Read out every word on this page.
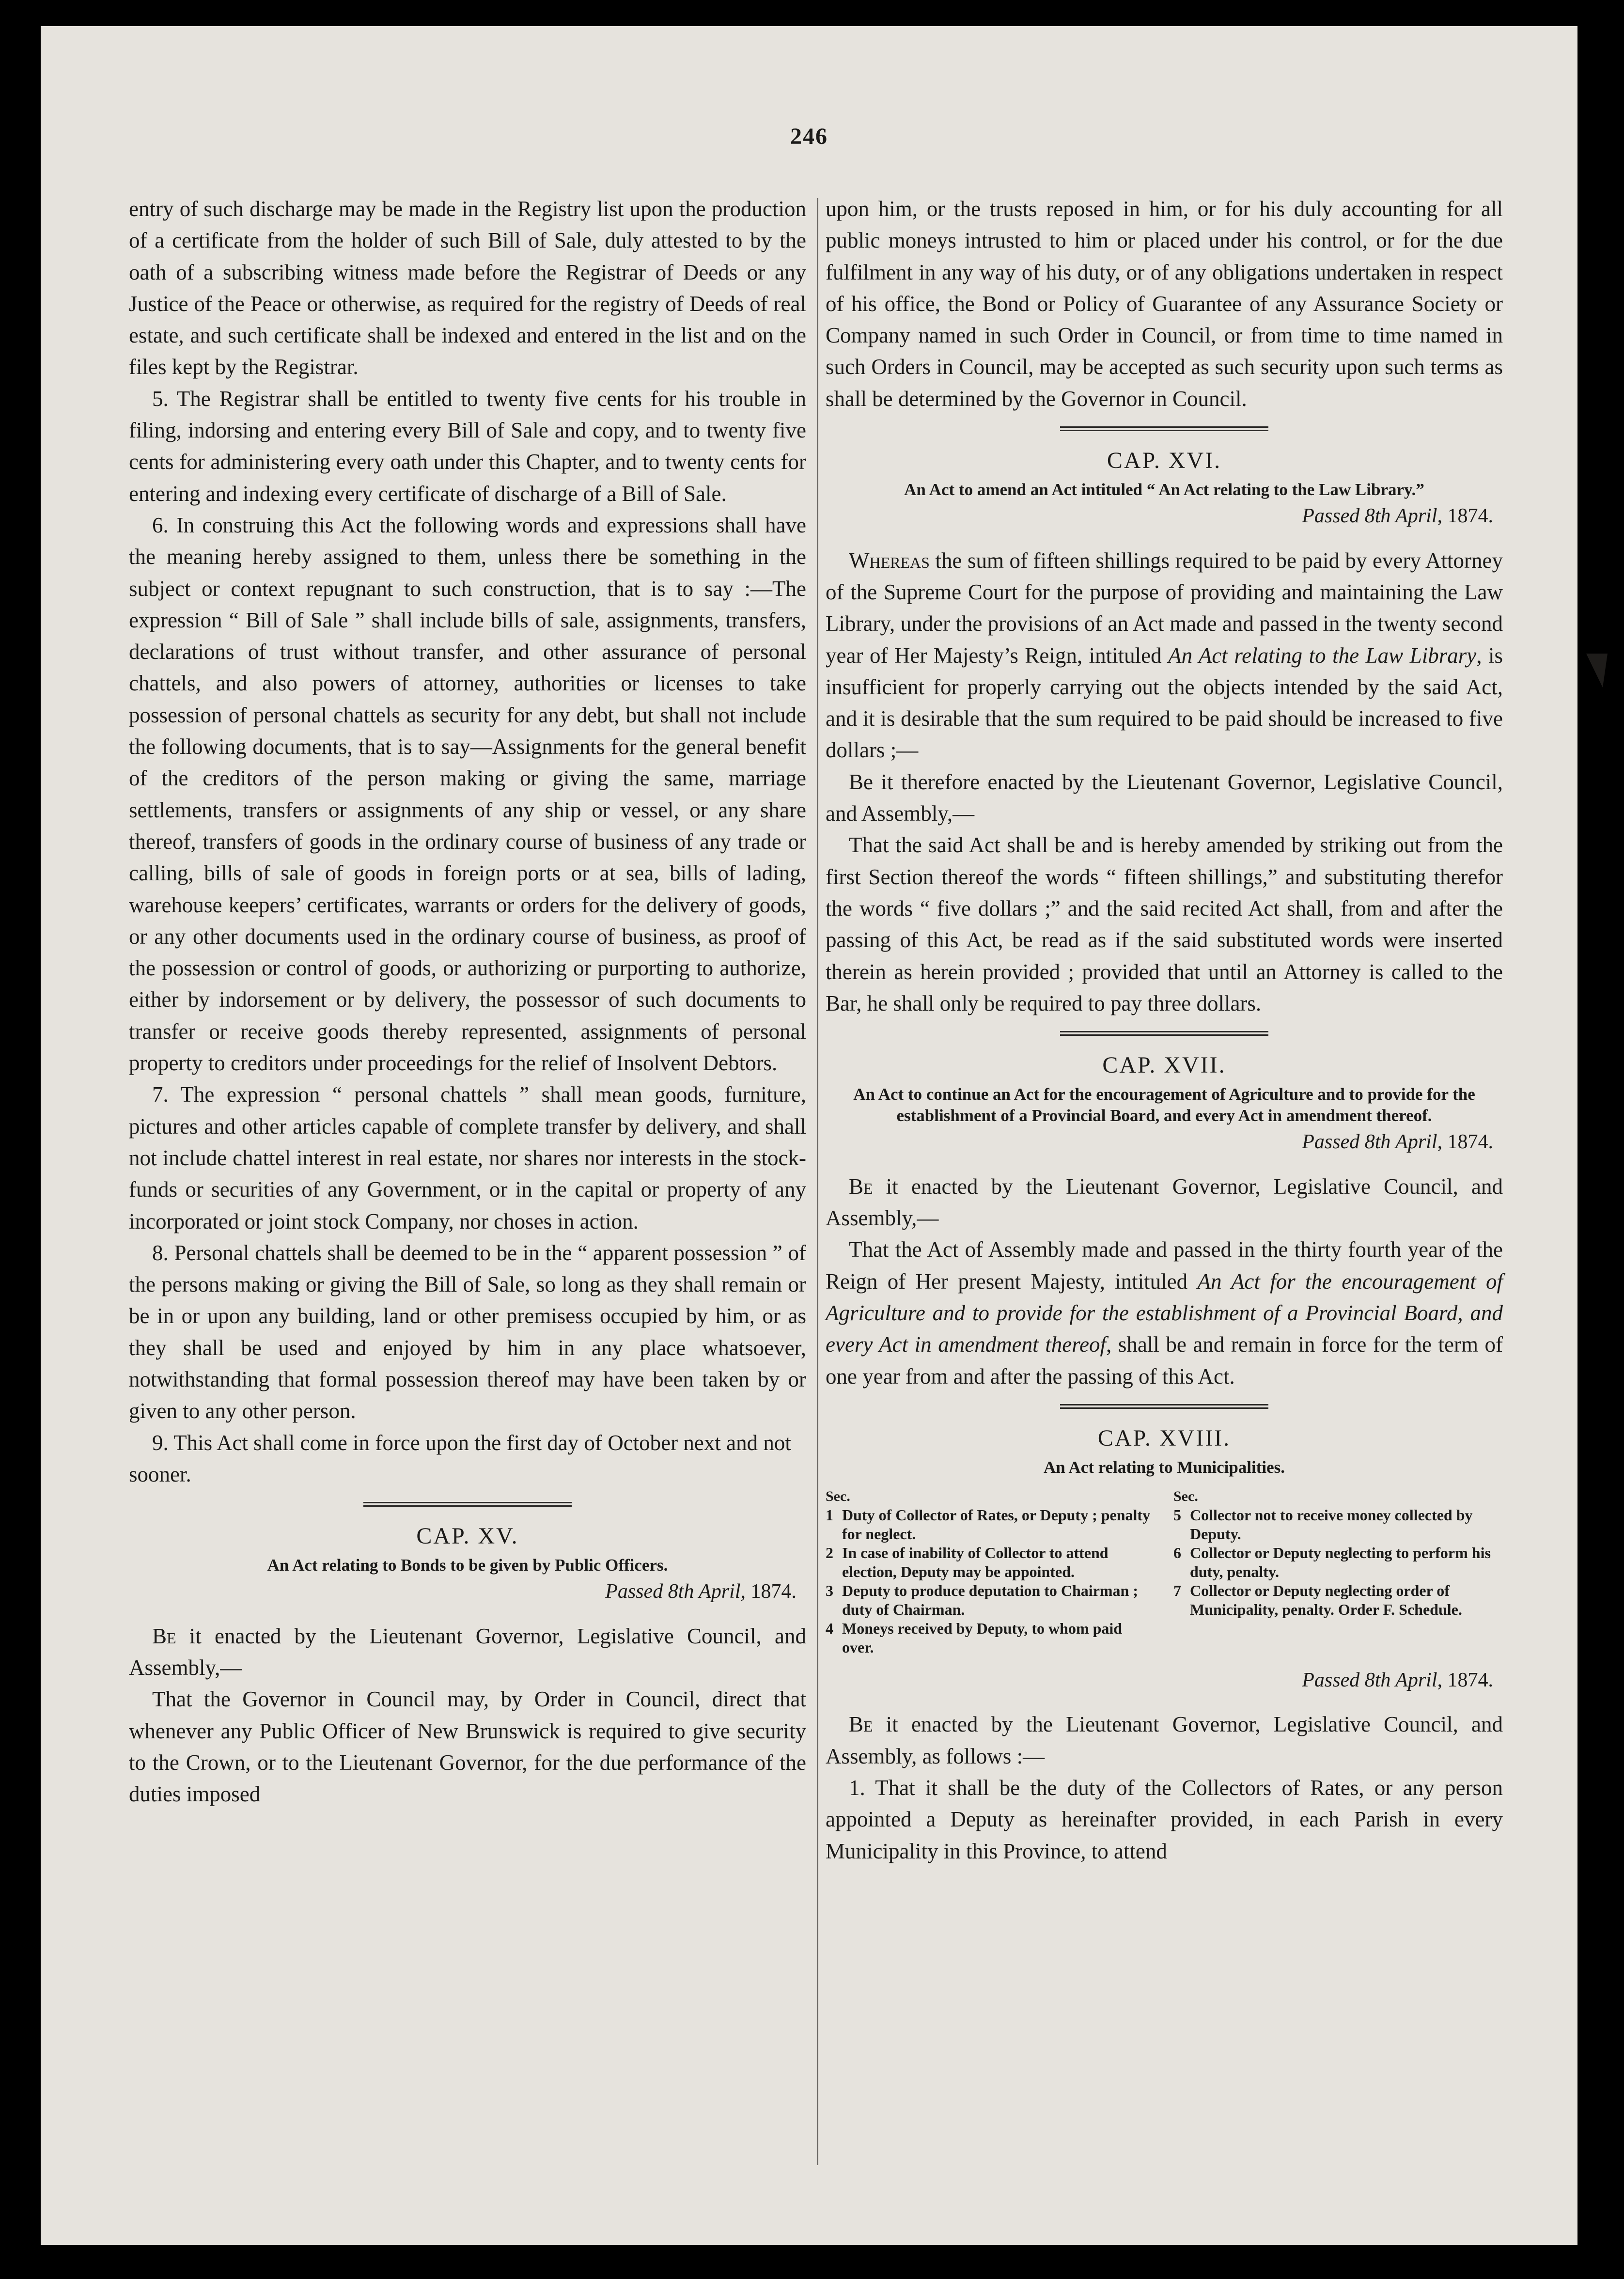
246

entry of such discharge may be made in the Registry list upon the production of a certificate from the holder of such Bill of Sale, duly attested to by the oath of a subscribing witness made before the Registrar of Deeds or any Justice of the Peace or otherwise, as required for the registry of Deeds of real estate, and such certificate shall be indexed and entered in the list and on the files kept by the Registrar.

5. The Registrar shall be entitled to twenty five cents for his trouble in filing, indorsing and entering every Bill of Sale and copy, and to twenty five cents for administering every oath under this Chapter, and to twenty cents for entering and indexing every certificate of discharge of a Bill of Sale.

6. In construing this Act the following words and expressions shall have the meaning hereby assigned to them, unless there be something in the subject or context repugnant to such construction, that is to say :—The expression “ Bill of Sale ” shall include bills of sale, assignments, transfers, declarations of trust without transfer, and other assurance of personal chattels, and also powers of attorney, authorities or licenses to take possession of personal chattels as security for any debt, but shall not include the following documents, that is to say—Assignments for the general benefit of the creditors of the person making or giving the same, marriage settlements, transfers or assignments of any ship or vessel, or any share thereof, transfers of goods in the ordinary course of business of any trade or calling, bills of sale of goods in foreign ports or at sea, bills of lading, warehouse keepers’ certificates, warrants or orders for the delivery of goods, or any other documents used in the ordinary course of business, as proof of the possession or control of goods, or authorizing or purporting to authorize, either by indorsement or by delivery, the possessor of such documents to transfer or receive goods thereby represented, assignments of personal property to creditors under proceedings for the relief of Insolvent Debtors.

7. The expression “ personal chattels ” shall mean goods, furniture, pictures and other articles capable of complete transfer by delivery, and shall not include chattel interest in real estate, nor shares nor interests in the stock-funds or securities of any Government, or in the capital or property of any incorporated or joint stock Company, nor choses in action.

8. Personal chattels shall be deemed to be in the “ apparent possession ” of the persons making or giving the Bill of Sale, so long as they shall remain or be in or upon any building, land or other premisess occupied by him, or as they shall be used and enjoyed by him in any place whatsoever, notwithstanding that formal possession thereof may have been taken by or given to any other person.

9. This Act shall come in force upon the first day of October next and not sooner.

CAP. XV.
An Act relating to Bonds to be given by Public Officers.
Passed 8th April, 1874.

Be it enacted by the Lieutenant Governor, Legislative Council, and Assembly,—

That the Governor in Council may, by Order in Council, direct that whenever any Public Officer of New Brunswick is required to give security to the Crown, or to the Lieutenant Governor, for the due performance of the duties imposed

upon him, or the trusts reposed in him, or for his duly accounting for all public moneys intrusted to him or placed under his control, or for the due fulfilment in any way of his duty, or of any obligations undertaken in respect of his office, the Bond or Policy of Guarantee of any Assurance Society or Company named in such Order in Council, or from time to time named in such Orders in Council, may be accepted as such security upon such terms as shall be determined by the Governor in Council.

CAP. XVI.
An Act to amend an Act intituled “ An Act relating to the Law Library.”
Passed 8th April, 1874.

Whereas the sum of fifteen shillings required to be paid by every Attorney of the Supreme Court for the purpose of providing and maintaining the Law Library, under the provisions of an Act made and passed in the twenty second year of Her Majesty’s Reign, intituled An Act relating to the Law Library, is insufficient for properly carrying out the objects intended by the said Act, and it is desirable that the sum required to be paid should be increased to five dollars ;—

Be it therefore enacted by the Lieutenant Governor, Legislative Council, and Assembly,—

That the said Act shall be and is hereby amended by striking out from the first Section thereof the words “ fifteen shillings,” and substituting therefor the words “ five dollars ;” and the said recited Act shall, from and after the passing of this Act, be read as if the said substituted words were inserted therein as herein provided ; provided that until an Attorney is called to the Bar, he shall only be required to pay three dollars.

CAP. XVII.
An Act to continue an Act for the encouragement of Agriculture and to provide for the establishment of a Provincial Board, and every Act in amendment thereof.
Passed 8th April, 1874.

Be it enacted by the Lieutenant Governor, Legislative Council, and Assembly,—

That the Act of Assembly made and passed in the thirty fourth year of the Reign of Her present Majesty, intituled An Act for the encouragement of Agriculture and to provide for the establishment of a Provincial Board, and every Act in amendment thereof, shall be and remain in force for the term of one year from and after the passing of this Act.

CAP. XVIII.
An Act relating to Municipalities.
Sec.
1 Duty of Collector of Rates, or Deputy ; penalty for neglect.
2 In case of inability of Collector to attend election, Deputy may be appointed.
3 Deputy to produce deputation to Chairman ; duty of Chairman.
4 Moneys received by Deputy, to whom paid over.
Sec.
5 Collector not to receive money collected by Deputy.
6 Collector or Deputy neglecting to perform his duty, penalty.
7 Collector or Deputy neglecting order of Municipality, penalty. Order F. Schedule.
Passed 8th April, 1874.

Be it enacted by the Lieutenant Governor, Legislative Council, and Assembly, as follows :—

1. That it shall be the duty of the Collectors of Rates, or any person appointed a Deputy as hereinafter provided, in each Parish in every Municipality in this Province, to attend
